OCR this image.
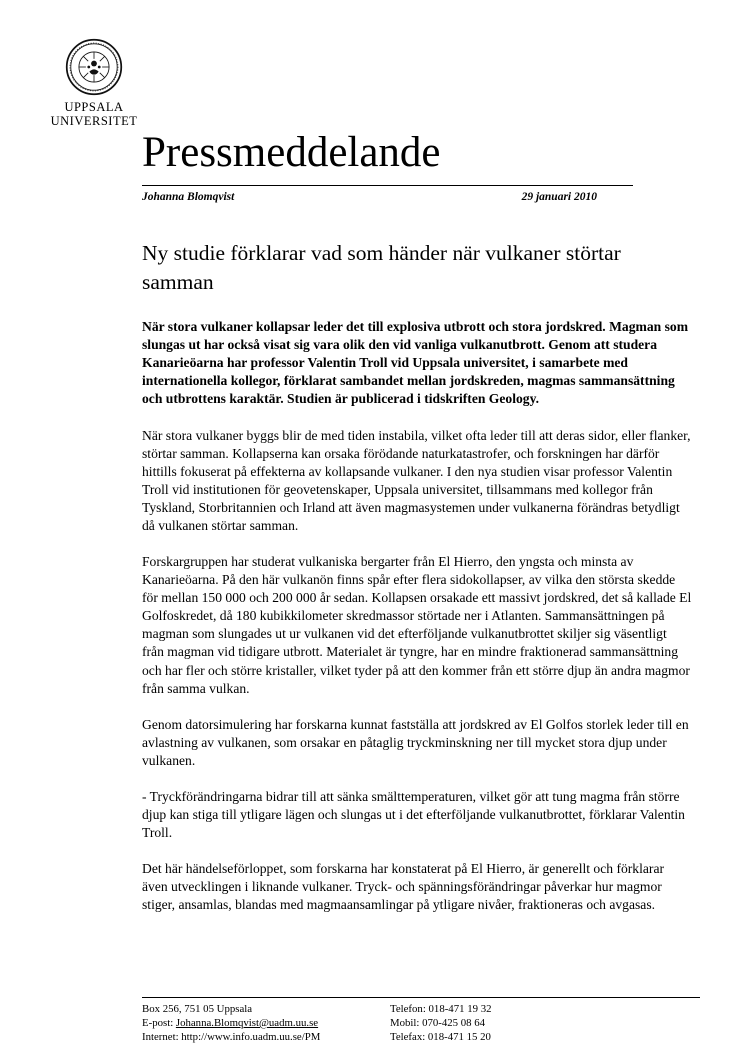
UPPSALA
UNIVERSITET
Pressmeddelande
Johanna Blomqvist	29 januari 2010
Ny studie förklarar vad som händer när vulkaner störtar samman

När stora vulkaner kollapsar leder det till explosiva utbrott och stora jordskred. Magman som slungas ut har också visat sig vara olik den vid vanliga vulkanutbrott. Genom att studera Kanarieöarna har professor Valentin Troll vid Uppsala universitet, i samarbete med internationella kollegor, förklarat sambandet mellan jordskreden, magmas sammansättning och utbrottens karaktär. Studien är publicerad i tidskriften Geology.

När stora vulkaner byggs blir de med tiden instabila, vilket ofta leder till att deras sidor, eller flanker, störtar samman. Kollapserna kan orsaka förödande naturkatastrofer, och forskningen har därför hittills fokuserat på effekterna av kollapsande vulkaner. I den nya studien visar professor Valentin Troll vid institutionen för geovetenskaper, Uppsala universitet, tillsammans med kollegor från Tyskland, Storbritannien och Irland att även magmasystemen under vulkanerna förändras betydligt då vulkanen störtar samman.

Forskargruppen har studerat vulkaniska bergarter från El Hierro, den yngsta och minsta av Kanarieöarna. På den här vulkanön finns spår efter flera sidokollapser, av vilka den största skedde för mellan 150 000 och 200 000 år sedan. Kollapsen orsakade ett massivt jordskred, det så kallade El Golfoskredet, då 180 kubikkilometer skredmassor störtade ner i Atlanten. Sammansättningen på magman som slungades ut ur vulkanen vid det efterföljande vulkanutbrottet skiljer sig väsentligt från magman vid tidigare utbrott. Materialet är tyngre, har en mindre fraktionerad sammansättning och har fler och större kristaller, vilket tyder på att den kommer från ett större djup än andra magmor från samma vulkan.

Genom datorsimulering har forskarna kunnat fastställa att jordskred av El Golfos storlek leder till en avlastning av vulkanen, som orsakar en påtaglig tryckminskning ner till mycket stora djup under vulkanen.

- Tryckförändringarna bidrar till att sänka smälttemperaturen, vilket gör att tung magma från större djup kan stiga till ytligare lägen och slungas ut i det efterföljande vulkanutbrottet, förklarar Valentin Troll.

Det här händelseförloppet, som forskarna har konstaterat på El Hierro, är generellt och förklarar även utvecklingen i liknande vulkaner. Tryck- och spänningsförändringar påverkar hur magmor stiger, ansamlas, blandas med magmaansamlingar på ytligare nivåer, fraktioneras och avgasas.

Box 256, 751 05 Uppsala
E-post: Johanna.Blomqvist@uadm.uu.se
Internet: http://www.info.uadm.uu.se/PM
Telefon: 018-471 19 32
Mobil: 070-425 08 64
Telefax: 018-471 15 20
